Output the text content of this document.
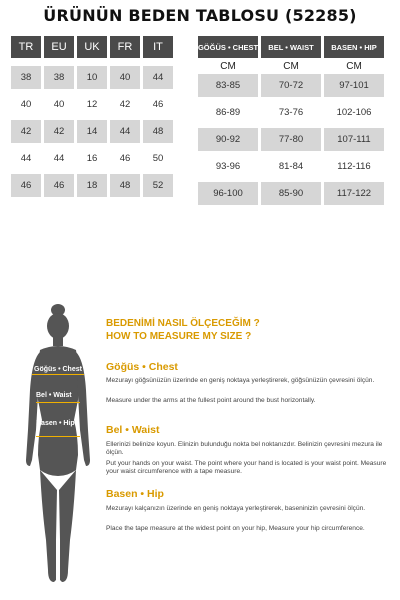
ÜRÜNÜN BEDEN TABLOSU (52285)
TR	EU	UK	FR	IT
38	38	10	40	44
40	40	12	42	46
42	42	14	44	48
44	44	16	46	50
46	46	18	48	52
GÖĞÜS • CHEST	BEL • WAIST	BASEN • HIP
CM	CM	CM
83-85	70-72	97-101
86-89	73-76	102-106
90-92	77-80	107-111
93-96	81-84	112-116
96-100	85-90	117-122
Göğüs • Chest
Bel • Waist
Basen • Hip
BEDENİMİ NASIL ÖLÇECEĞİM ?
HOW TO MEASURE MY SIZE ?
Göğüs • Chest
Mezurayı göğsünüzün üzerinde en geniş noktaya yerleştirerek, göğsünüzün çevresini ölçün.
Measure under the arms at the fullest point around the bust horizontally.
Bel • Waist
Ellerinizi belinize koyun. Elinizin bulunduğu nokta bel noktanızdır. Belinizin çevresini mezura ile ölçün.
Put your hands on your waist. The point where your hand is located is your waist point. Measure your waist circumference with a tape measure.
Basen • Hip
Mezurayı kalçanızın üzerinde en geniş noktaya yerleştirerek, baseninizin çevresini ölçün.
Place the tape measure at the widest point on your hip, Measure your hip circumference.
